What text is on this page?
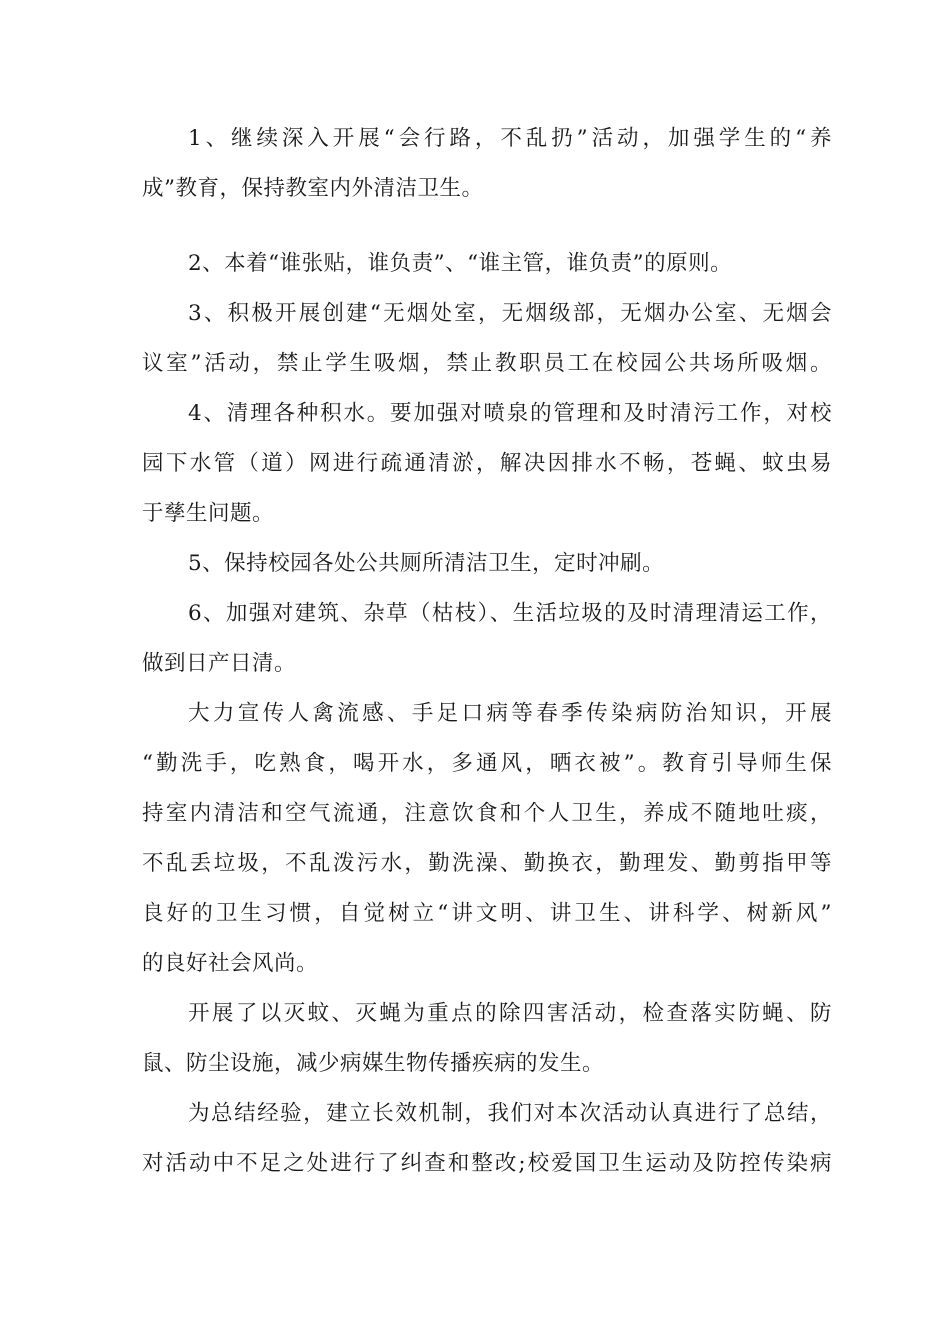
1、继续深入开展“会行路，不乱扔”活动，加强学生的“养
成”教育，保持教室内外清洁卫生。
2、本着“谁张贴，谁负责”、“谁主管，谁负责”的原则。
3、积极开展创建“无烟处室，无烟级部，无烟办公室、无烟会
议室”活动，禁止学生吸烟，禁止教职员工在校园公共场所吸烟。
4、清理各种积水。要加强对喷泉的管理和及时清污工作，对校
园下水管（道）网进行疏通清淤，解决因排水不畅，苍蝇、蚊虫易
于孳生问题。
5、保持校园各处公共厕所清洁卫生，定时冲刷。
6、加强对建筑、杂草（枯枝）、生活垃圾的及时清理清运工作，
做到日产日清。
大力宣传人禽流感、手足口病等春季传染病防治知识，开展
“勤洗手，吃熟食，喝开水，多通风，晒衣被”。教育引导师生保
持室内清洁和空气流通，注意饮食和个人卫生，养成不随地吐痰，
不乱丢垃圾，不乱泼污水，勤洗澡、勤换衣，勤理发、勤剪指甲等
良好的卫生习惯，自觉树立“讲文明、讲卫生、讲科学、树新风”
的良好社会风尚。
开展了以灭蚊、灭蝇为重点的除四害活动，检查落实防蝇、防
鼠、防尘设施，减少病媒生物传播疾病的发生。
为总结经验，建立长效机制，我们对本次活动认真进行了总结，
对活动中不足之处进行了纠查和整改;校爱国卫生运动及防控传染病
